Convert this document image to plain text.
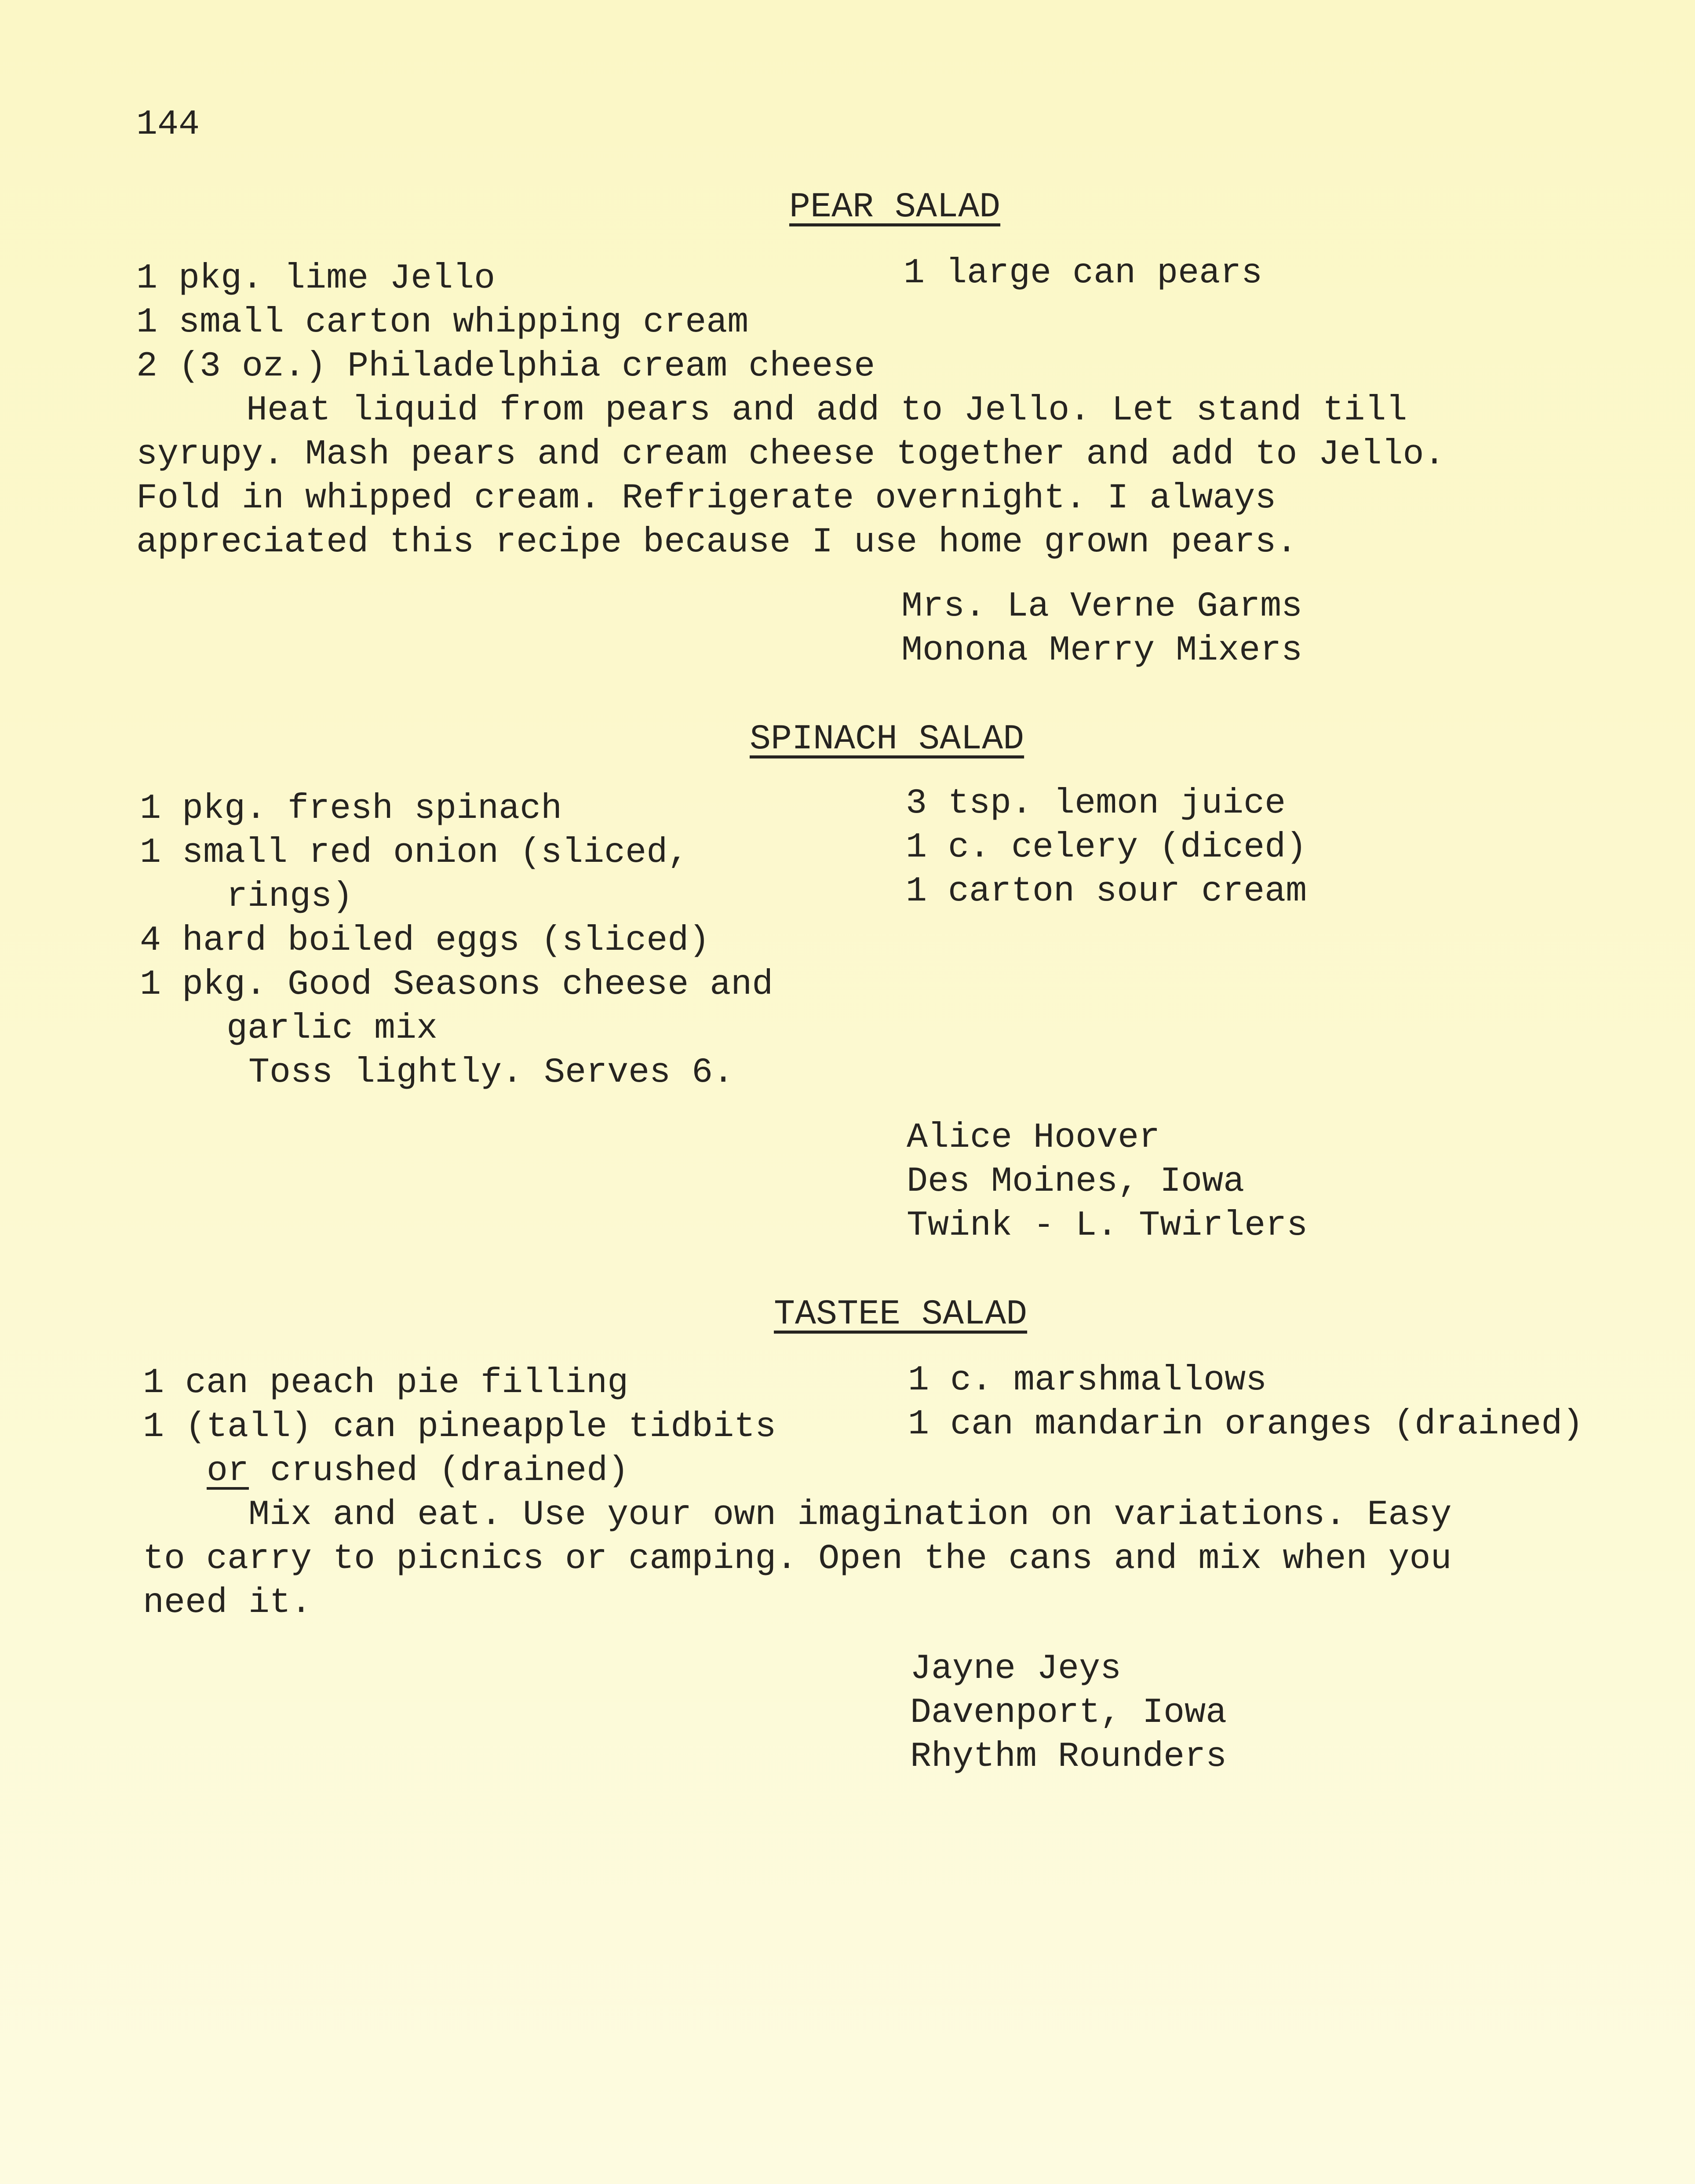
144
PEAR SALAD
1 pkg. lime Jello	1 large can pears
1 small carton whipping cream
2 (3 oz.) Philadelphia cream cheese
Heat liquid from pears and add to Jello. Let stand till
syrupy. Mash pears and cream cheese together and add to Jello.
Fold in whipped cream. Refrigerate overnight. I always
appreciated this recipe because I use home grown pears.
Mrs. La Verne Garms
Monona Merry Mixers
SPINACH SALAD
1 pkg. fresh spinach
1 small red onion (sliced,
rings)
4 hard boiled eggs (sliced)
1 pkg. Good Seasons cheese and
garlic mix
3 tsp. lemon juice
1 c. celery (diced)
1 carton sour cream
Toss lightly. Serves 6.
Alice Hoover
Des Moines, Iowa
Twink - L. Twirlers
TASTEE SALAD
1 can peach pie filling
1 (tall) can pineapple tidbits
or crushed (drained)
1 c. marshmallows
1 can mandarin oranges (drained)
Mix and eat. Use your own imagination on variations. Easy
to carry to picnics or camping. Open the cans and mix when you
need it.
Jayne Jeys
Davenport, Iowa
Rhythm Rounders
